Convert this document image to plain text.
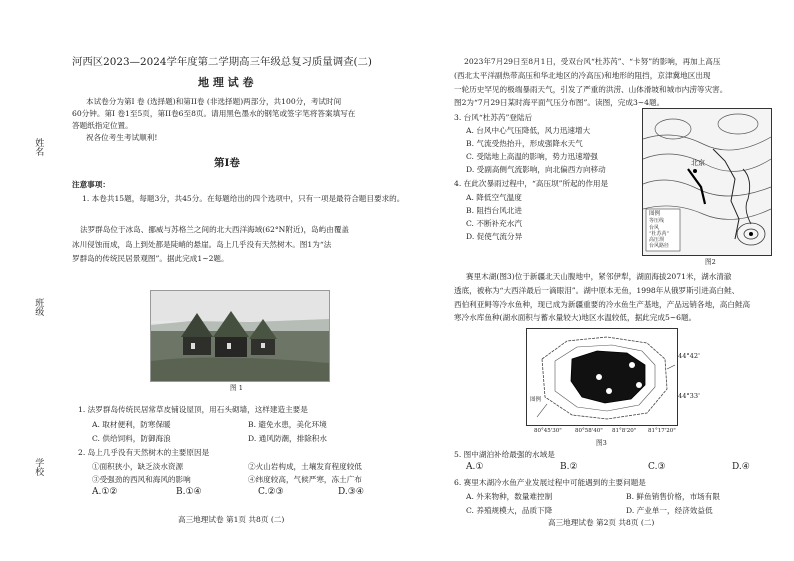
姓名
班级
学校
河西区2023—2024学年度第二学期高三年级总复习质量调查(二)
地 理 试 卷
本试卷分为第I 卷 (选择题)和第II卷 (非选择题)两部分，共100分，考试时间
60分钟。第I 卷1至5页，第II卷6至8页。请用黑色墨水的钢笔或签字笔将答案填写在
答题纸指定位置。
祝各位考生考试顺利!
第I卷
注意事项：
1. 本卷共15题，每题3分，共45分。在每题给出的四个选项中，只有一项是最符合题目要求的。
法罗群岛位于冰岛、挪威与苏格兰之间的北大西洋海域(62°N附近)，岛屿由覆盖
冰川侵蚀而成，岛上到处都是陡峭的悬崖。岛上几乎没有天然树木。图1为“法
罗群岛的传统民居景观图”。据此完成1~2题。
图 1
1. 法罗群岛传统民居常草皮铺设屋顶，用石头砌墙，这样建造主要是
A. 取材便利，防寒保暖	B. 避免水患，美化环境
C. 供给饲料，防御海浪	D. 通风防潮，排除积水
2. 岛上几乎没有天然树木的主要原因是
①面积狭小，缺乏淡水资源	②火山岩构成，土壤发育程度较低
③受强劲的西风和海风的影响	④纬度较高，气候严寒，冻土广布
A.①②	B.①④	C.②③	D.③④
高三地理试卷 第1页 共8页 (二)
2023年7月29日至8月1日，受双台风“杜苏芮”、“卡努”的影响，再加上高压
(西北太平洋副热带高压和华北地区的冷高压)和地形的阻挡，京津冀地区出现
一轮历史罕见的极端暴雨天气，引发了严重的洪涝、山体滑坡和城市内涝等灾害。
图2为“7月29日某时海平面气压分布图”。读图，完成3~4题。
3. 台风“杜苏芮”登陆后
A. 台风中心气压降低，风力迅速增大
B. 气流受热抬升，形成强降水天气
C. 受陆地上高温的影响，势力迅速增强
D. 受副高侧气流影响，向北偏西方向移动
4. 在此次暴雨过程中，“高压坝”所起的作用是
A. 降低空气温度
B. 阻挡台风北进
C. 不断补充水汽
D. 促使气流分异
北京
图例
等压线
台风
“杜苏芮”
高压坝
台风路径
图2
赛里木湖(图3)位于新疆北天山腹地中，紧邻伊犁，湖面海拔2071米，湖水清澈
透底，被称为“大西洋最后一滴眼泪”。湖中原本无鱼，1998年从俄罗斯引进高白鲑、
西伯利亚鲟等冷水鱼种，现已成为新疆重要的冷水鱼生产基地，产品远销各地，高白鲑高
寒冷水库鱼种(湖水面积与蓄水量较大)地区水温较低，据此完成5~6题。
图例
44°42'
44°33'
80°45'30" 80°58'40" 81°8'20" 81°17'20"
图3
5. 图中湖泊补给最强的水域是
A.①	B.②	C.③	D.④
6. 赛里木湖冷水鱼产业发展过程中可能遇到的主要问题是
A. 外来物种，数量难控制	B. 鲜鱼销售价格，市场有限
C. 养殖规模大，品质下降	D. 产业单一，经济效益低
高三地理试卷 第2页 共8页 (二)
